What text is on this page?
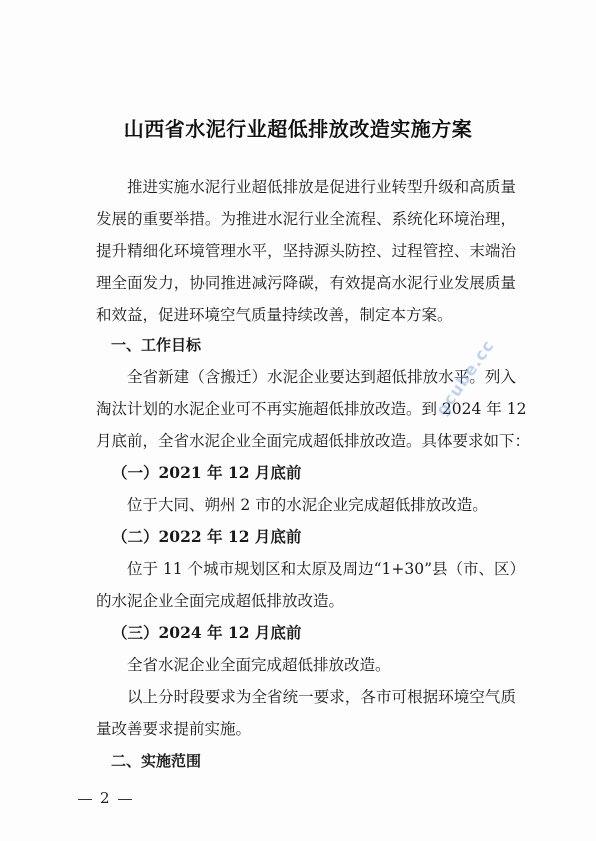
山西省水泥行业超低排放改造实施方案
推进实施水泥行业超低排放是促进行业转型升级和高质量
发展的重要举措。为推进水泥行业全流程、系统化环境治理，
提升精细化环境管理水平，坚持源头防控、过程管控、末端治
理全面发力，协同推进减污降碳，有效提高水泥行业发展质量
和效益，促进环境空气质量持续改善，制定本方案。
一、工作目标
全省新建（含搬迁）水泥企业要达到超低排放水平。列入
淘汰计划的水泥企业可不再实施超低排放改造。到 2024 年 12
月底前，全省水泥企业全面完成超低排放改造。具体要求如下：
（一）2021 年 12 月底前
位于大同、朔州 2 市的水泥企业完成超低排放改造。
（二）2022 年 12 月底前
位于 11 个城市规划区和太原及周边“1+30”县（市、区）
的水泥企业全面完成超低排放改造。
（三）2024 年 12 月底前
全省水泥企业全面完成超低排放改造。
以上分时段要求为全省统一要求，各市可根据环境空气质
量改善要求提前实施。
二、实施范围
2
gcube.cc
